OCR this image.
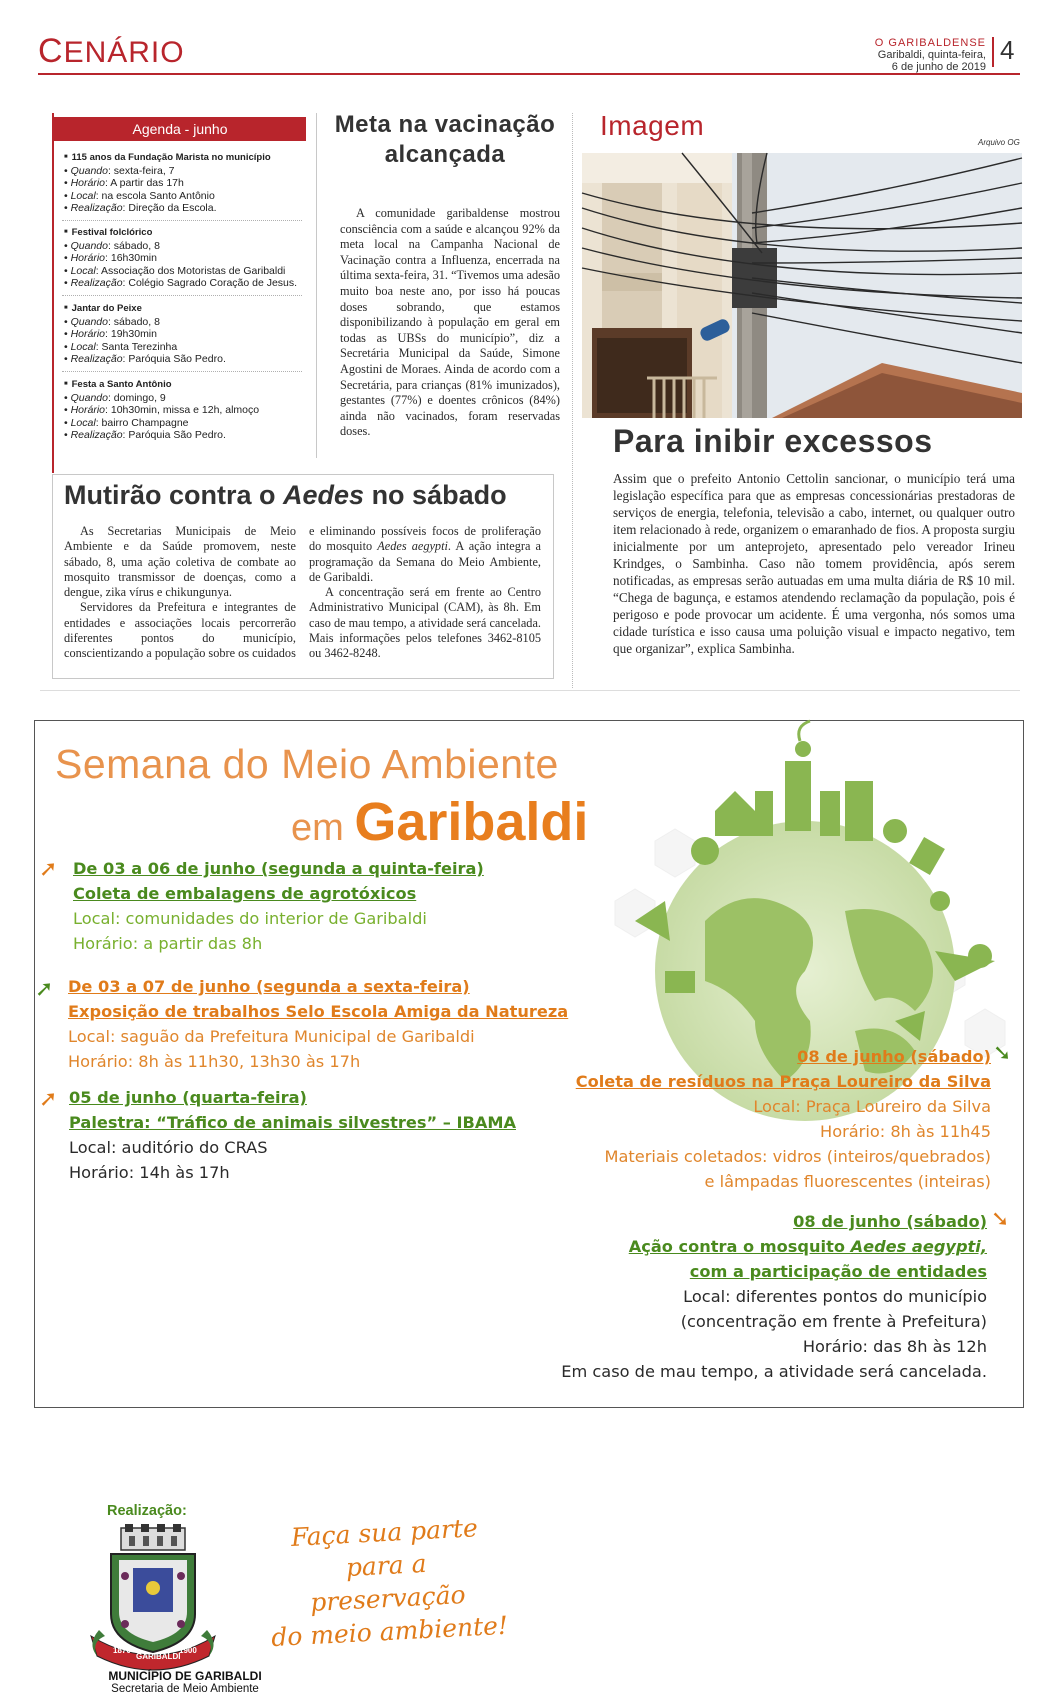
CENÁRIO	O GARIBALDENSE
Garibaldi, quinta-feira,
6 de junho de 2019
4
Agenda - junho
■ 115 anos da Fundação Marista no município
• Quando: sexta-feira, 7
• Horário: A partir das 17h
• Local: na escola Santo Antônio
• Realização: Direção da Escola.
■ Festival folclórico
• Quando: sábado, 8
• Horário: 16h30min
• Local: Associação dos Motoristas de Garibaldi
• Realização: Colégio Sagrado Coração de Jesus.
■ Jantar do Peixe
• Quando: sábado, 8
• Horário: 19h30min
• Local: Santa Terezinha
• Realização: Paróquia São Pedro.
■ Festa a Santo Antônio
• Quando: domingo, 9
• Horário: 10h30min, missa e 12h, almoço
• Local: bairro Champagne
• Realização: Paróquia São Pedro.
Meta na vacinação alcançada
A comunidade garibaldense mostrou consciência com a saúde e alcançou 92% da meta local na Campanha Nacional de Vacinação contra a Influenza, encerrada na última sexta-feira, 31. “Tivemos uma adesão muito boa neste ano, por isso há poucas doses sobrando, que estamos disponibilizando à população em geral em todas as UBSs do município”, diz a Secretária Municipal da Saúde, Simone Agostini de Moraes. Ainda de acordo com a Secretária, para crianças (81% imunizados), gestantes (77%) e doentes crônicos (84%) ainda não vacinados, foram reservadas doses.
Imagem
Arquivo OG
Para inibir excessos
Assim que o prefeito Antonio Cettolin sancionar, o município terá uma legislação específica para que as empresas concessionárias prestadoras de serviços de energia, telefonia, televisão a cabo, internet, ou qualquer outro item relacionado à rede, organizem o emaranhado de fios. A proposta surgiu inicialmente por um anteprojeto, apresentado pelo vereador Irineu Krindges, o Sambinha. Caso não tomem providência, após serem notificadas, as empresas serão autuadas em uma multa diária de R$ 10 mil. “Chega de bagunça, e estamos atendendo reclamação da população, pois é perigoso e pode provocar um acidente. É uma vergonha, nós somos uma cidade turística e isso causa uma poluição visual e impacto negativo, tem que organizar”, explica Sambinha.
Mutirão contra o Aedes no sábado

As Secretarias Municipais de Meio Ambiente e da Saúde promovem, neste sábado, 8, uma ação coletiva de combate ao mosquito transmissor de doenças, como a dengue, zika vírus e chikungunya.

Servidores da Prefeitura e integrantes de entidades e associações locais percorrerão diferentes pontos do município, conscientizando a população sobre os cuidados

e eliminando possíveis focos de proliferação do mosquito Aedes aegypti. A ação integra a programação da Semana do Meio Ambiente, de Garibaldi.

A concentração será em frente ao Centro Administrativo Municipal (CAM), às 8h. Em caso de mau tempo, a atividade será cancelada. Mais informações pelos telefones 3462-8105 ou 3462-8248.

Semana do Meio Ambiente
em Garibaldi
➚ De 03 a 06 de junho (segunda a quinta-feira)
Coleta de embalagens de agrotóxicos
Local: comunidades do interior de Garibaldi
Horário: a partir das 8h
➚ De 03 a 07 de junho (segunda a sexta-feira)
Exposição de trabalhos Selo Escola Amiga da Natureza
Local: saguão da Prefeitura Municipal de Garibaldi
Horário: 8h às 11h30, 13h30 às 17h
➚ 05 de junho (quarta-feira)
Palestra: “Tráfico de animais silvestres” – IBAMA
Local: auditório do CRAS
Horário: 14h às 17h
08 de junho (sábado)
Coleta de resíduos na Praça Loureiro da Silva
Local: Praça Loureiro da Silva
Horário: 8h às 11h45
Materiais coletados: vidros (inteiros/quebrados)
e lâmpadas fluorescentes (inteiras)
➘
08 de junho (sábado)
Ação contra o mosquito Aedes aegypti,
com a participação de entidades
Local: diferentes pontos do município
(concentração em frente à Prefeitura)
Horário: das 8h às 12h
Em caso de mau tempo, a atividade será cancelada.
➘
Realização:
1870
GARIBALDI
1900
MUNICÍPIO DE GARIBALDI
Secretaria de Meio Ambiente
Faça sua parte
para a preservação
do meio ambiente!
